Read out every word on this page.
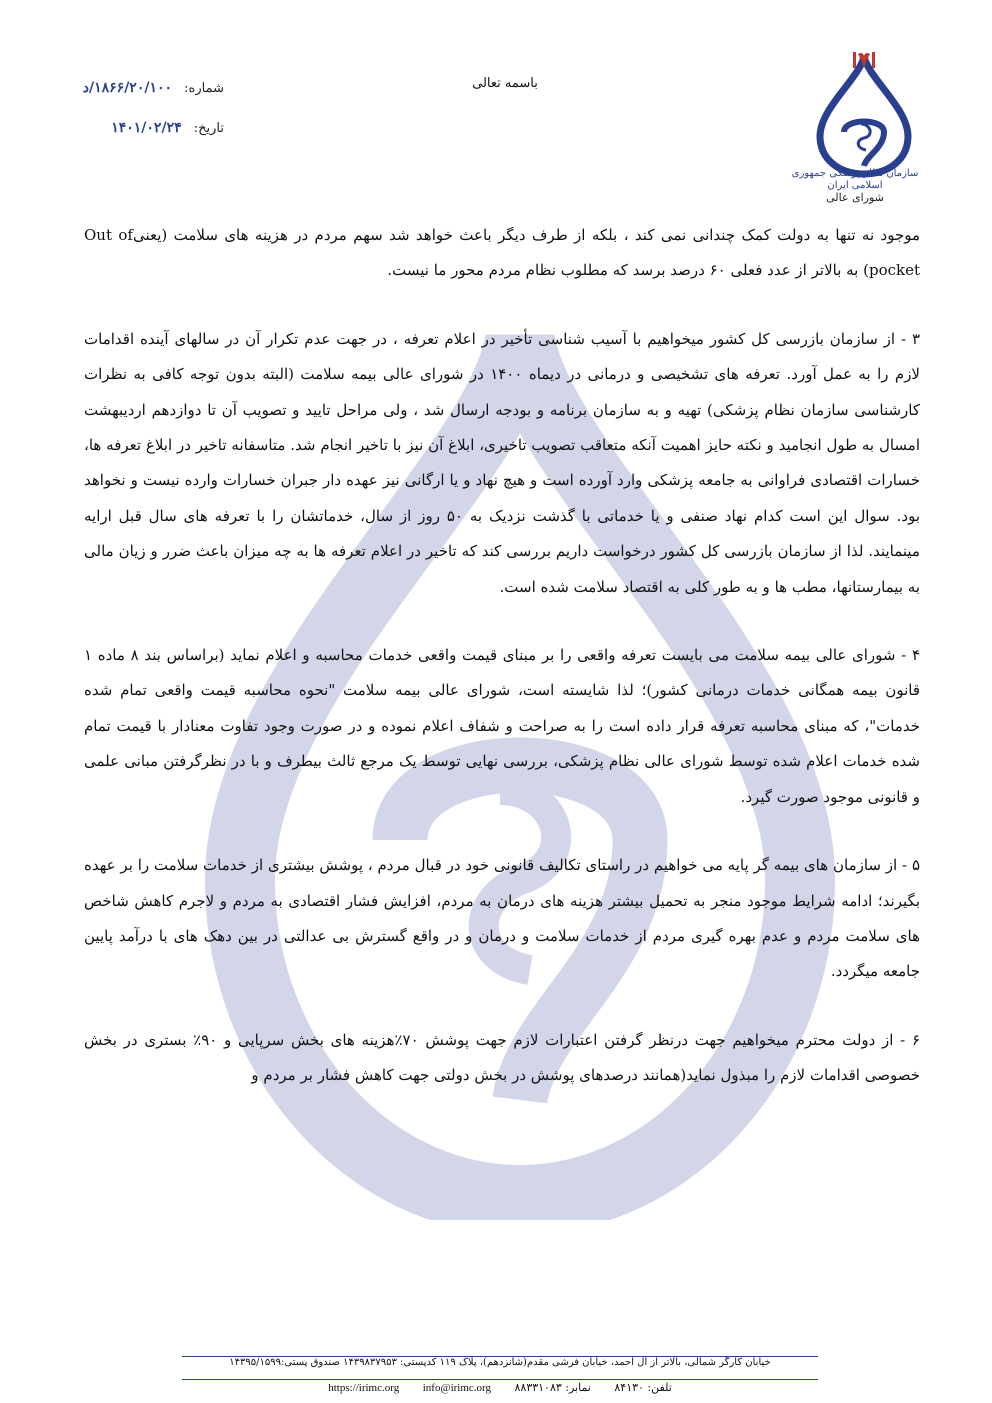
باسمه تعالی
شماره: ۱۸۶۶/۲۰/۱۰۰/د
تاریخ: ۱۴۰۱/۰۲/۲۴
سازمان نظام پزشکی جمهوری اسلامی ایران
شورای عالی

موجود نه تنها به دولت کمک چندانی نمی کند ، بلکه از طرف دیگر باعث خواهد شد سهم مردم در هزینه های سلامت (یعنیOut of pocket) به بالاتر از عدد فعلی ۶۰ درصد برسد که مطلوب نظام مردم محور ما نیست.

۳ - از سازمان بازرسی کل کشور میخواهیم با آسیب شناسی تأخیر در اعلام تعرفه ، در جهت عدم تکرار آن در سالهای آینده اقدامات لازم را به عمل آورد. تعرفه های تشخیصی و درمانی در دیماه ۱۴۰۰ در شورای عالی بیمه سلامت (البته بدون توجه کافی به نظرات کارشناسی سازمان نظام پزشکی) تهیه و به سازمان برنامه و بودجه ارسال شد ، ولی مراحل تایید و تصویب آن تا دوازدهم اردیبهشت امسال به طول انجامید و نکته حایز اهمیت آنکه متعاقب تصویب تاخیری، ابلاغ آن نیز با تاخیر انجام شد. متاسفانه تاخیر در ابلاغ تعرفه ها، خسارات اقتصادی فراوانی به جامعه پزشکی وارد آورده است و هیچ نهاد و یا ارگانی نیز عهده دار جبران خسارات وارده نیست و نخواهد بود. سوال این است کدام نهاد صنفی و یا خدماتی با گذشت نزدیک به ۵۰ روز از سال، خدماتشان را با تعرفه های سال قبل ارایه مینمایند. لذا از سازمان بازرسی کل کشور درخواست داریم بررسی کند که تاخیر در اعلام تعرفه ها به چه میزان باعث ضرر و زیان مالی به بیمارستانها، مطب ها و به طور کلی به اقتصاد سلامت شده است.

۴ - شورای عالی بیمه سلامت می بایست تعرفه واقعی را بر مبنای قیمت واقعی خدمات محاسبه و اعلام نماید (براساس بند ۸ ماده ۱ قانون بیمه همگانی خدمات درمانی کشور)؛ لذا شایسته است، شورای عالی بیمه سلامت "نحوه محاسبه قیمت واقعی تمام شده خدمات"، که مبنای محاسبه تعرفه قرار داده است را به صراحت و شفاف اعلام نموده و در صورت وجود تفاوت معنادار با قیمت تمام شده خدمات اعلام شده توسط شورای عالی نظام پزشکی، بررسی نهایی توسط یک مرجع ثالث بیطرف و با در نظرگرفتن مبانی علمی و قانونی موجود صورت گیرد.

۵ - از سازمان های بیمه گر پایه می خواهیم در راستای تکالیف قانونی خود در قبال مردم ، پوشش بیشتری از خدمات سلامت را بر عهده بگیرند؛ ادامه شرایط موجود منجر به تحمیل بیشتر هزینه های درمان به مردم، افزایش فشار اقتصادی به مردم و لاجرم کاهش شاخص های سلامت مردم و عدم بهره گیری مردم از خدمات سلامت و درمان و در واقع گسترش بی عدالتی در بین دهک های با درآمد پایین جامعه میگردد.

۶ - از دولت محترم میخواهیم جهت درنظر گرفتن اعتبارات لازم جهت پوشش ۷۰٪هزینه های بخش سرپایی و ۹۰٪ بستری در بخش خصوصی اقدامات لازم را مبذول نماید(همانند درصدهای پوشش در بخش دولتی جهت کاهش فشار بر مردم و

خیابان کارگر شمالی، بالاتر از آل احمد، خیابان فرشی مقدم(شانزدهم)، پلاک ۱۱۹ کدپستی: ۱۴۳۹۸۳۷۹۵۳ صندوق پستی:۱۴۳۹۵/۱۵۹۹
تلفن: ۸۴۱۳۰ نمابر: ۸۸۳۳۱۰۸۳ https://irimc.org info@irimc.org
